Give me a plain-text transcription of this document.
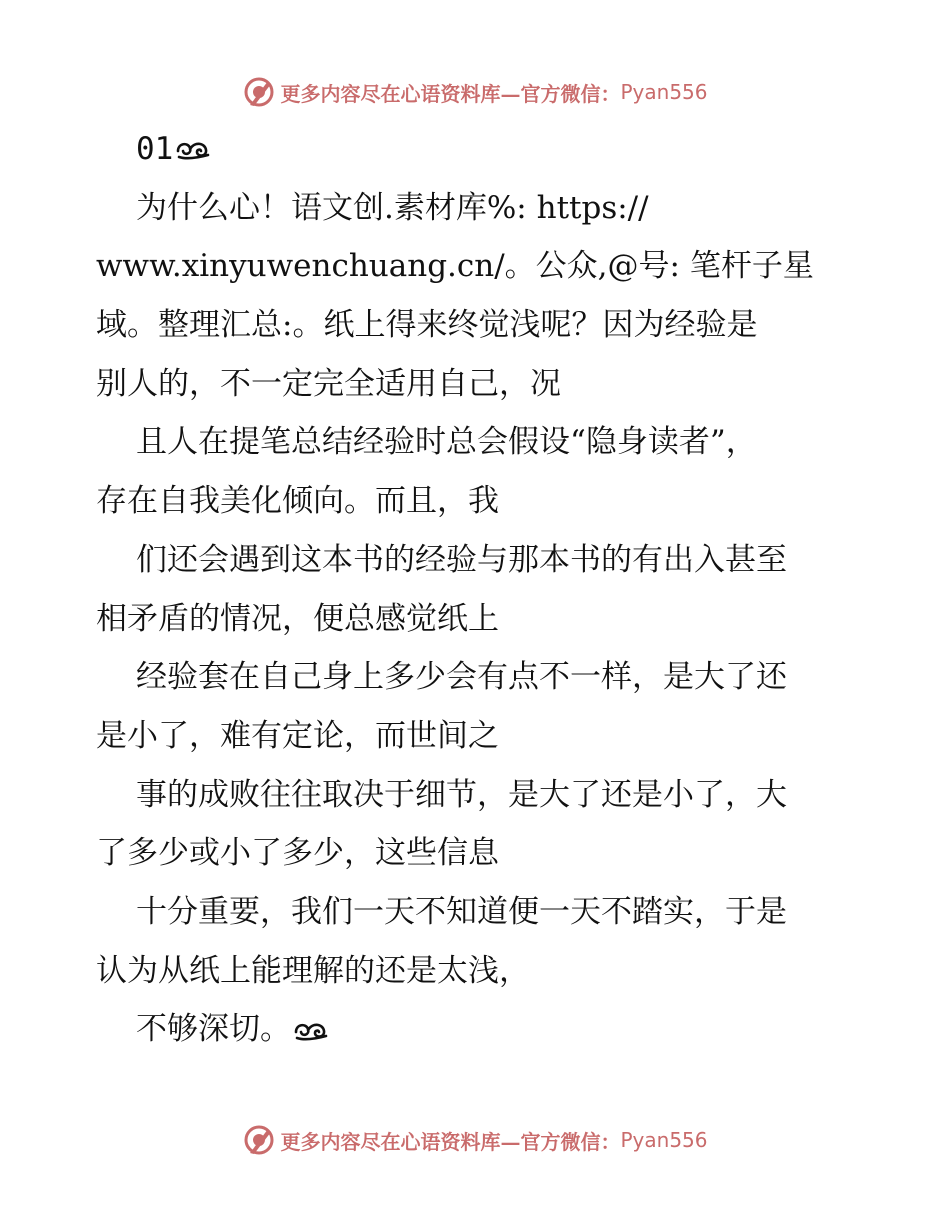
更多内容尽在心语资料库—官方微信： Pyan556
01
为什么心！语文创.素材库%: https://
www.xinyuwenchuang.cn/。公众,@号: 笔杆子星
域。整理汇总:。纸上得来终觉浅呢？因为经验是
别人的，不一定完全适用自己，况
且人在提笔总结经验时总会假设“隐身读者”，
存在自我美化倾向。而且，我
们还会遇到这本书的经验与那本书的有出入甚至
相矛盾的情况，便总感觉纸上
经验套在自己身上多少会有点不一样，是大了还
是小了，难有定论，而世间之
事的成败往往取决于细节，是大了还是小了，大
了多少或小了多少，这些信息
十分重要，我们一天不知道便一天不踏实，于是
认为从纸上能理解的还是太浅，
不够深切。
更多内容尽在心语资料库—官方微信： Pyan556
